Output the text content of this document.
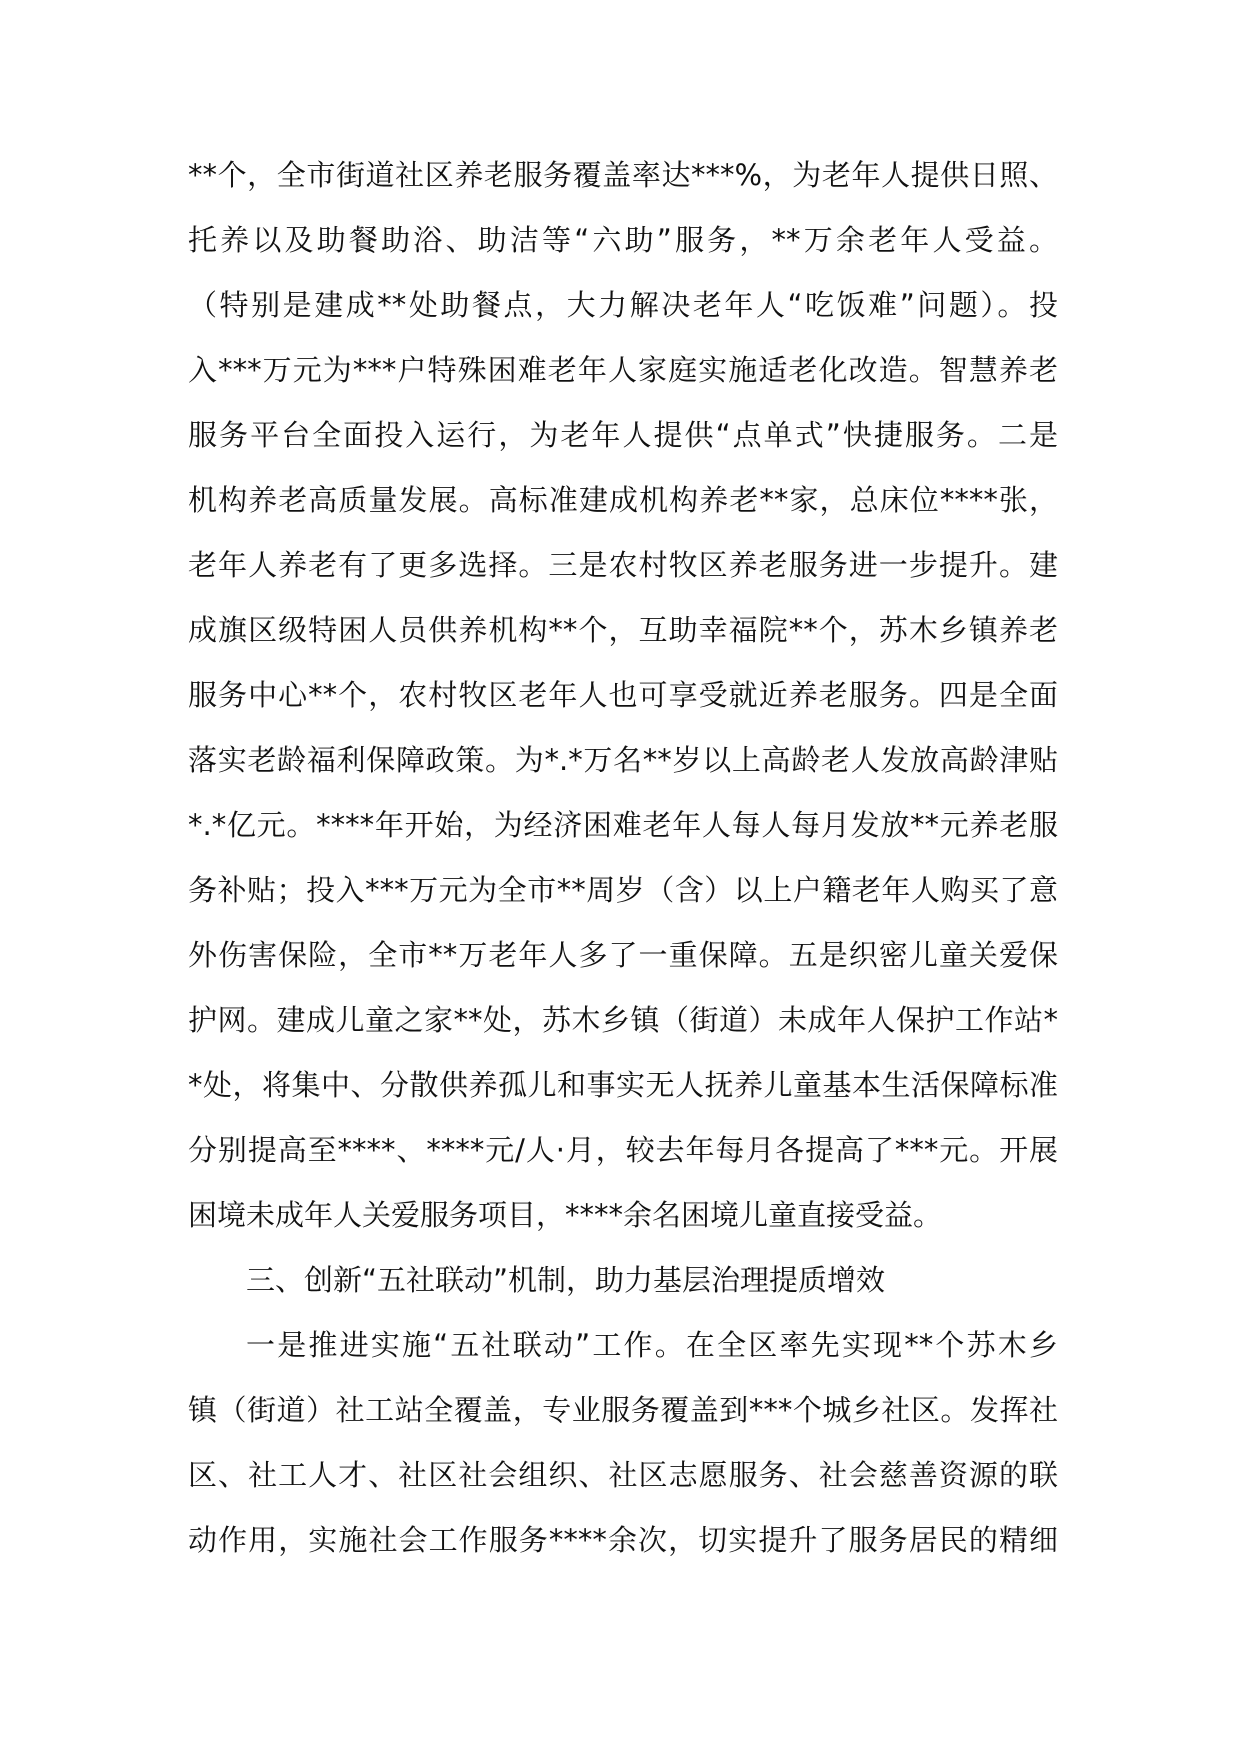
**个，全市街道社区养老服务覆盖率达***%，为老年人提供日照、
托养以及助餐助浴、助洁等“六助”服务，**万余老年人受益。
（特别是建成**处助餐点，大力解决老年人“吃饭难”问题）。投
入***万元为***户特殊困难老年人家庭实施适老化改造。智慧养老
服务平台全面投入运行，为老年人提供“点单式”快捷服务。二是
机构养老高质量发展。高标准建成机构养老**家，总床位****张，
老年人养老有了更多选择。三是农村牧区养老服务进一步提升。建
成旗区级特困人员供养机构**个，互助幸福院**个，苏木乡镇养老
服务中心**个，农村牧区老年人也可享受就近养老服务。四是全面
落实老龄福利保障政策。为*.*万名**岁以上高龄老人发放高龄津贴
*.*亿元。****年开始，为经济困难老年人每人每月发放**元养老服
务补贴；投入***万元为全市**周岁（含）以上户籍老年人购买了意
外伤害保险，全市**万老年人多了一重保障。五是织密儿童关爱保
护网。建成儿童之家**处，苏木乡镇（街道）未成年人保护工作站*
*处，将集中、分散供养孤儿和事实无人抚养儿童基本生活保障标准
分别提高至****、****元/人·月，较去年每月各提高了***元。开展
困境未成年人关爱服务项目，****余名困境儿童直接受益。
三、创新“五社联动”机制，助力基层治理提质增效
一是推进实施“五社联动”工作。在全区率先实现**个苏木乡
镇（街道）社工站全覆盖，专业服务覆盖到***个城乡社区。发挥社
区、社工人才、社区社会组织、社区志愿服务、社会慈善资源的联
动作用，实施社会工作服务****余次，切实提升了服务居民的精细
